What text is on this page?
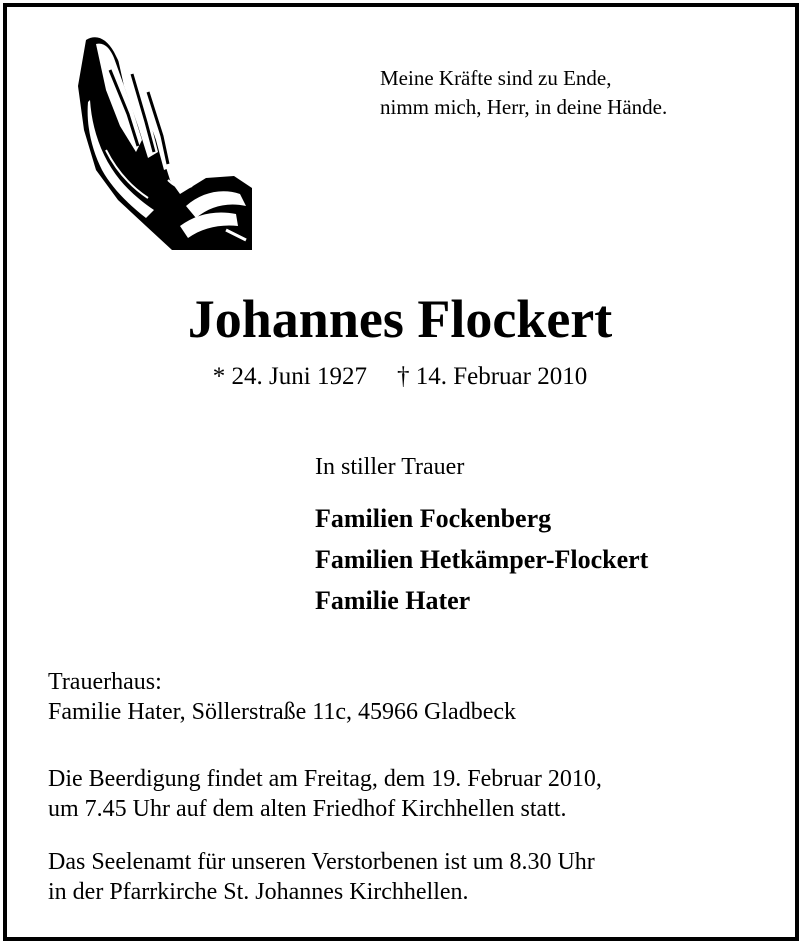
Meine Kräfte sind zu Ende,
nimm mich, Herr, in deine Hände.
Johannes Flockert
* 24. Juni 1927 † 14. Februar 2010
In stiller Trauer
Familien Fockenberg
Familien Hetkämper-Flockert
Familie Hater
Trauerhaus:
Familie Hater, Söllerstraße 11c, 45966 Gladbeck
Die Beerdigung findet am Freitag, dem 19. Februar 2010,
um 7.45 Uhr auf dem alten Friedhof Kirchhellen statt.
Das Seelenamt für unseren Verstorbenen ist um 8.30 Uhr
in der Pfarrkirche St. Johannes Kirchhellen.
